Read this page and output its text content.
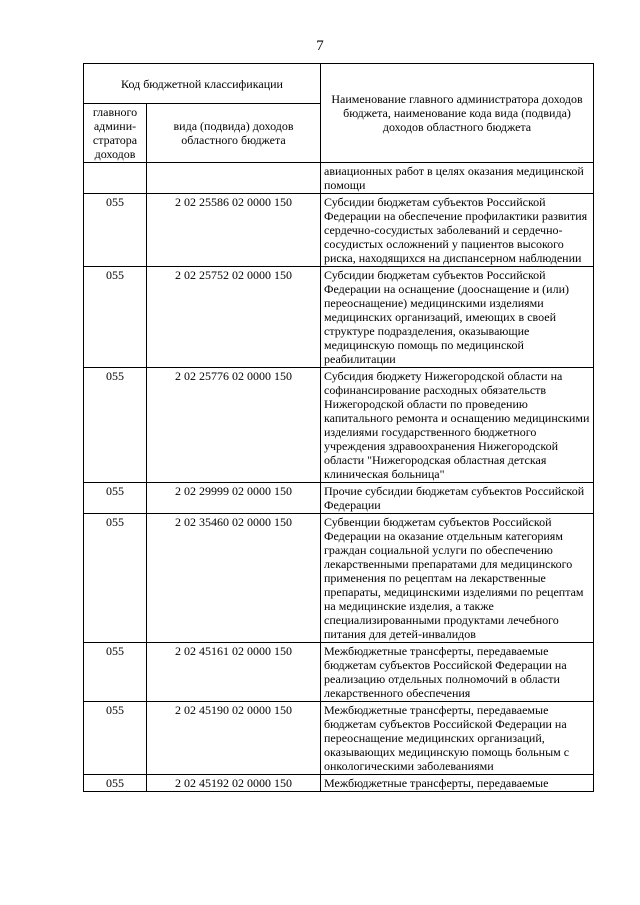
7
Код бюджетной классификации		Наименование главного администратора доходов бюджета, наименование кода вида (подвида) доходов областного бюджета
главного админи-стратора доходов	вида (подвида) доходов областного бюджета	
		авиационных работ в целях оказания медицинской помощи
055	2 02 25586 02 0000 150	Субсидии бюджетам субъектов Российской Федерации на обеспечение профилактики развития сердечно-сосудистых заболеваний и сердечно-сосудистых осложнений у пациентов высокого риска, находящихся на диспансерном наблюдении
055	2 02 25752 02 0000 150	Субсидии бюджетам субъектов Российской Федерации на оснащение (дооснащение и (или) переоснащение) медицинскими изделиями медицинских организаций, имеющих в своей структуре подразделения, оказывающие медицинскую помощь по медицинской реабилитации
055	2 02 25776 02 0000 150	Субсидия бюджету Нижегородской области на софинансирование расходных обязательств Нижегородской области по проведению капитального ремонта и оснащению медицинскими изделиями государственного бюджетного учреждения здравоохранения Нижегородской области "Нижегородская областная детская клиническая больница"
055	2 02 29999 02 0000 150	Прочие субсидии бюджетам субъектов Российской Федерации
055	2 02 35460 02 0000 150	Субвенции бюджетам субъектов Российской Федерации на оказание отдельным категориям граждан социальной услуги по обеспечению лекарственными препаратами для медицинского применения по рецептам на лекарственные препараты, медицинскими изделиями по рецептам на медицинские изделия, а также специализированными продуктами лечебного питания для детей-инвалидов
055	2 02 45161 02 0000 150	Межбюджетные трансферты, передаваемые бюджетам субъектов Российской Федерации на реализацию отдельных полномочий в области лекарственного обеспечения
055	2 02 45190 02 0000 150	Межбюджетные трансферты, передаваемые бюджетам субъектов Российской Федерации на переоснащение медицинских организаций, оказывающих медицинскую помощь больным с онкологическими заболеваниями
055	2 02 45192 02 0000 150	Межбюджетные трансферты, передаваемые
